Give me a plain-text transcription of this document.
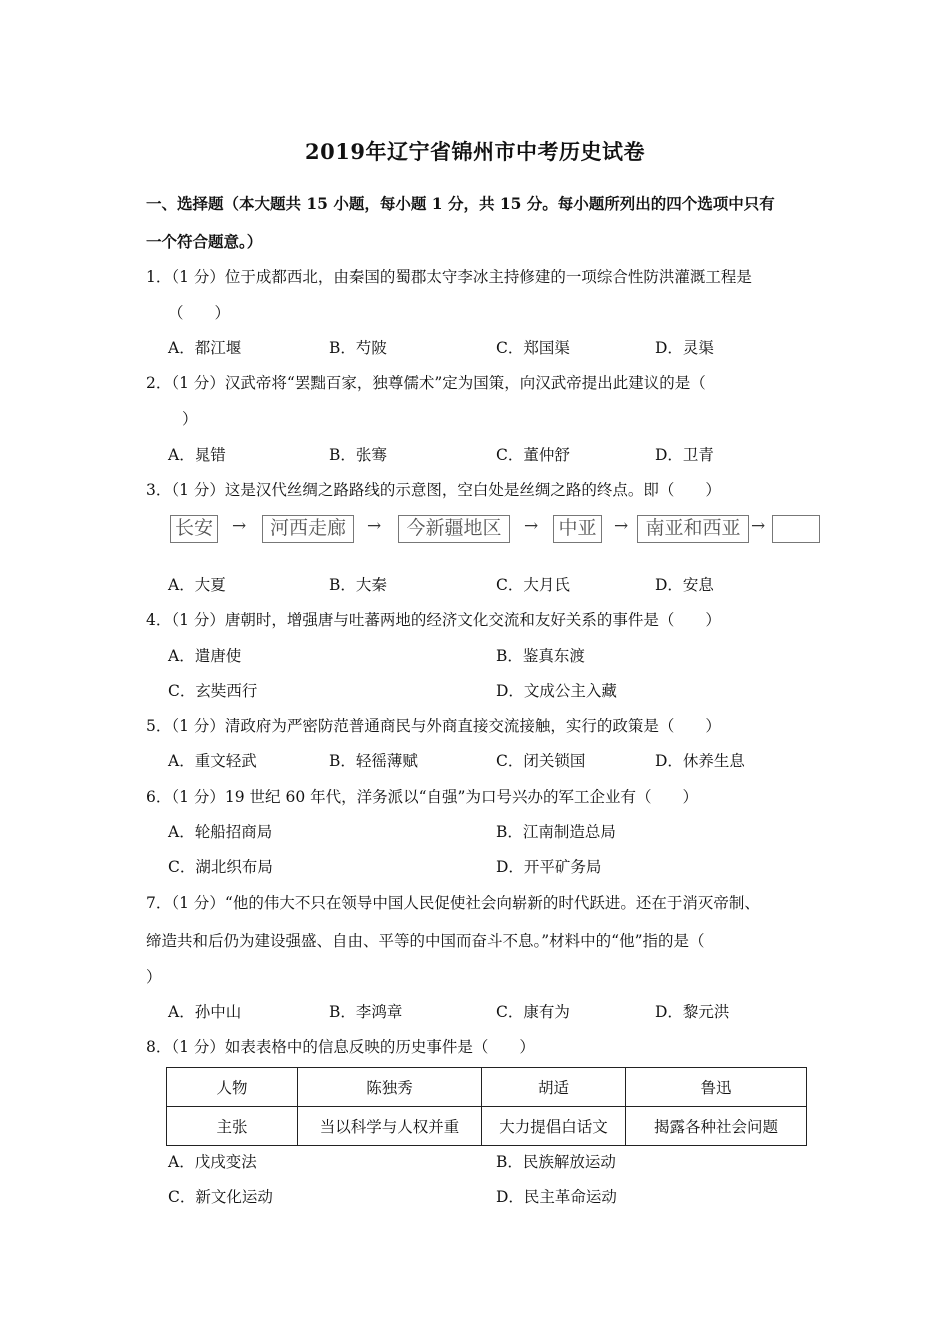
2019年辽宁省锦州市中考历史试卷
一、选择题（本大题共 15 小题，每小题 1 分，共 15 分。每小题所列出的四个选项中只有
一个符合题意。）
1．（1 分）位于成都西北，由秦国的蜀郡太守李冰主持修建的一项综合性防洪灌溉工程是
（　　）
A．都江堰	B．芍陂	C．郑国渠	D．灵渠
2．（1 分）汉武帝将“罢黜百家，独尊儒术”定为国策，向汉武帝提出此建议的是（
）
A．晁错	B．张骞	C．董仲舒	D．卫青
3．（1 分）这是汉代丝绸之路路线的示意图，空白处是丝绸之路的终点。即（　　）
长安 →	河西走廊	→	今新疆地区	→ 中亚	→ 南亚和西亚 →
A．大夏	B．大秦	C．大月氏	D．安息
4．（1 分）唐朝时，增强唐与吐蕃两地的经济文化交流和友好关系的事件是（　　）
A．遣唐使	B．鉴真东渡
C．玄奘西行	D．文成公主入藏
5．（1 分）清政府为严密防范普通商民与外商直接交流接触，实行的政策是（　　）
A．重文轻武	B．轻徭薄赋	C．闭关锁国	D．休养生息
6．（1 分）19 世纪 60 年代，洋务派以“自强”为口号兴办的军工企业有（　　）
A．轮船招商局	B．江南制造总局
C．湖北织布局	D．开平矿务局
7．（1 分）“他的伟大不只在领导中国人民促使社会向崭新的时代跃进。还在于消灭帝制、
缔造共和后仍为建设强盛、自由、平等的中国而奋斗不息。”材料中的“他”指的是（
）
A．孙中山	B．李鸿章	C．康有为	D．黎元洪
8．（1 分）如表表格中的信息反映的历史事件是（　　）
人物	陈独秀	胡适	鲁迅
主张	当以科学与人权并重	大力提倡白话文	揭露各种社会问题
A．戊戌变法	B．民族解放运动
C．新文化运动	D．民主革命运动
